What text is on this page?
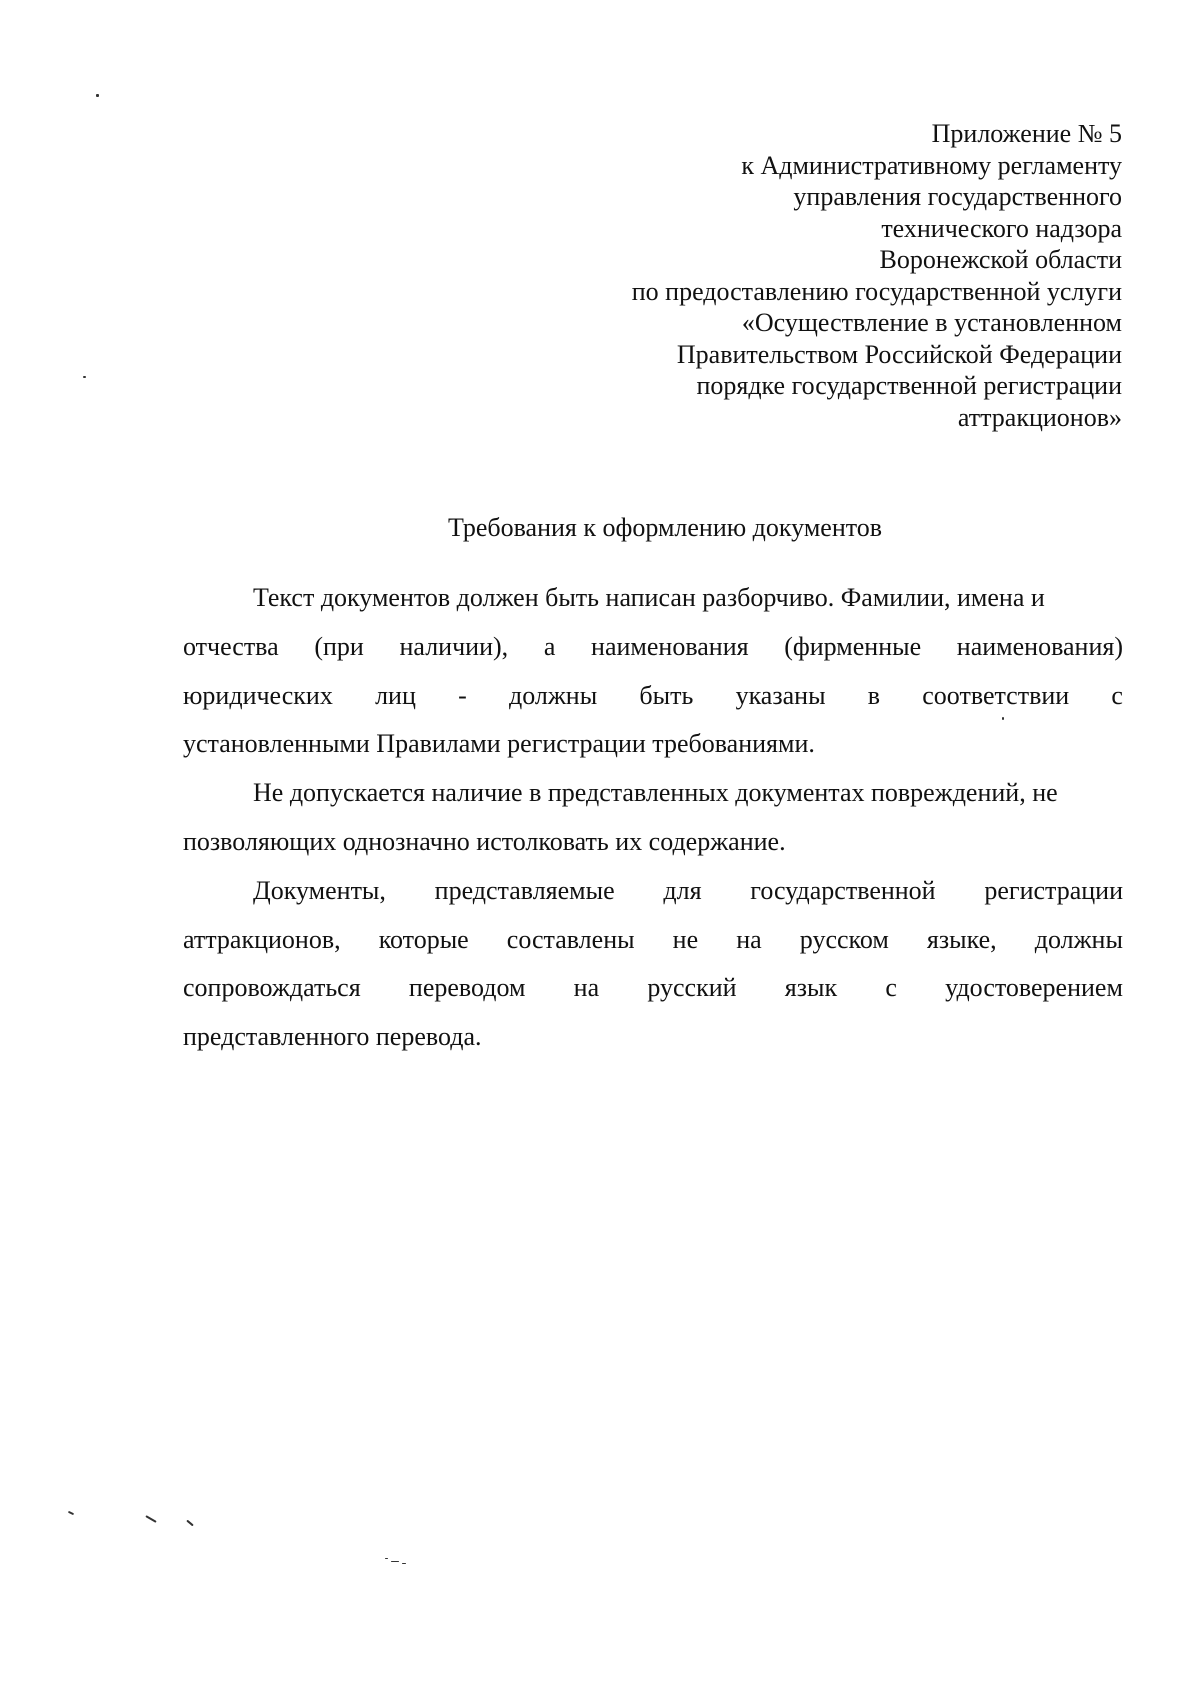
Приложение № 5
к Административному регламенту
управления государственного
технического надзора
Воронежской области
по предоставлению государственной услуги
«Осуществление в установленном
Правительством Российской Федерации
порядке государственной регистрации
аттракционов»
Требования к оформлению документов
Текст документов должен быть написан разборчиво. Фамилии, имена и
отчества (при наличии), а наименования (фирменные наименования)
юридических лиц - должны быть указаны в соответствии с
установленными Правилами регистрации требованиями.
Не допускается наличие в представленных документах повреждений, не
позволяющих однозначно истолковать их содержание.
Документы, представляемые для государственной регистрации
аттракционов, которые составлены не на русском языке, должны
сопровождаться переводом на русский язык с удостоверением
представленного перевода.
